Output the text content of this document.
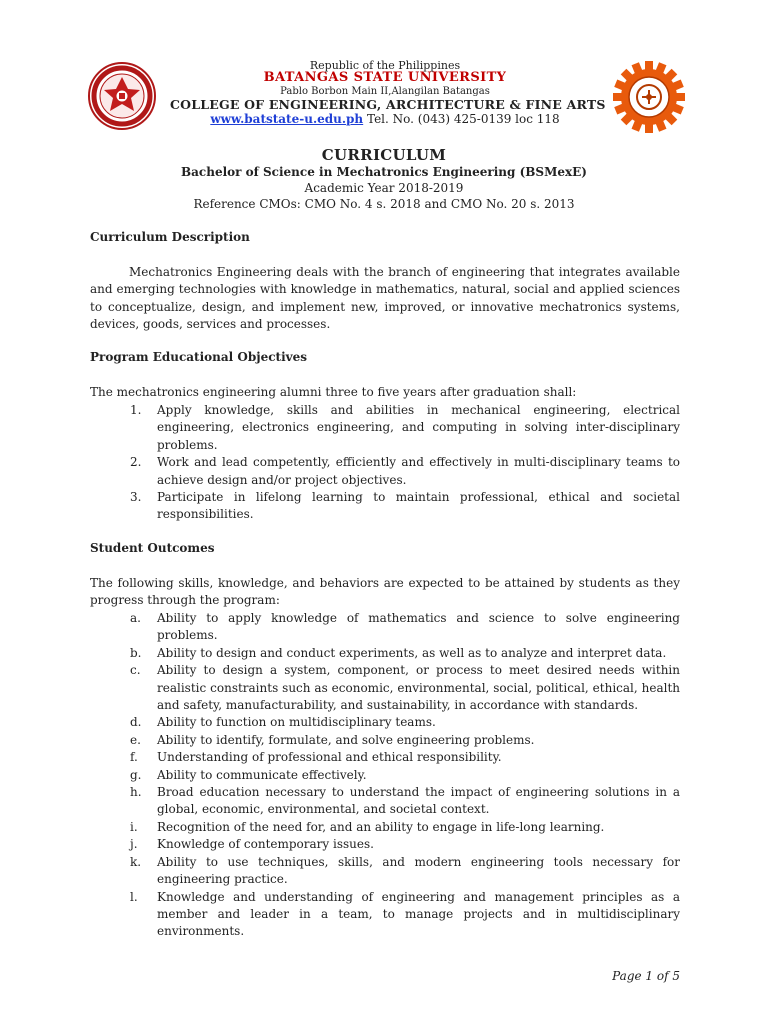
Republic of the Philippines
BATANGAS STATE UNIVERSITY
Pablo Borbon Main II,Alangilan Batangas
COLLEGE OF ENGINEERING, ARCHITECTURE & FINE ARTS
www.batstate-u.edu.ph Tel. No. (043) 425-0139 loc 118
CURRICULUM
Bachelor of Science in Mechatronics Engineering (BSMexE)
Academic Year 2018-2019
Reference CMOs: CMO No. 4 s. 2018 and CMO No. 20 s. 2013
Curriculum Description

Mechatronics Engineering deals with the branch of engineering that integrates available and emerging technologies with knowledge in mathematics, natural, social and applied sciences to conceptualize, design, and implement new, improved, or innovative mechatronics systems, devices, goods, services and processes.

Program Educational Objectives

The mechatronics engineering alumni three to five years after graduation shall:

1. Apply knowledge, skills and abilities in mechanical engineering, electrical engineering, electronics engineering, and computing in solving inter-disciplinary problems.
2. Work and lead competently, efficiently and effectively in multi-disciplinary teams to achieve design and/or project objectives.
3. Participate in lifelong learning to maintain professional, ethical and societal responsibilities.
Student Outcomes

The following skills, knowledge, and behaviors are expected to be attained by students as they progress through the program:

a. Ability to apply knowledge of mathematics and science to solve engineering problems.
b. Ability to design and conduct experiments, as well as to analyze and interpret data.
c. Ability to design a system, component, or process to meet desired needs within realistic constraints such as economic, environmental, social, political, ethical, health and safety, manufacturability, and sustainability, in accordance with standards.
d. Ability to function on multidisciplinary teams.
e. Ability to identify, formulate, and solve engineering problems.
f. Understanding of professional and ethical responsibility.
g. Ability to communicate effectively.
h. Broad education necessary to understand the impact of engineering solutions in a global, economic, environmental, and societal context.
i. Recognition of the need for, and an ability to engage in life-long learning.
j. Knowledge of contemporary issues.
k. Ability to use techniques, skills, and modern engineering tools necessary for engineering practice.
l. Knowledge and understanding of engineering and management principles as a member and leader in a team, to manage projects and in multidisciplinary environments.
Page 1 of 5
